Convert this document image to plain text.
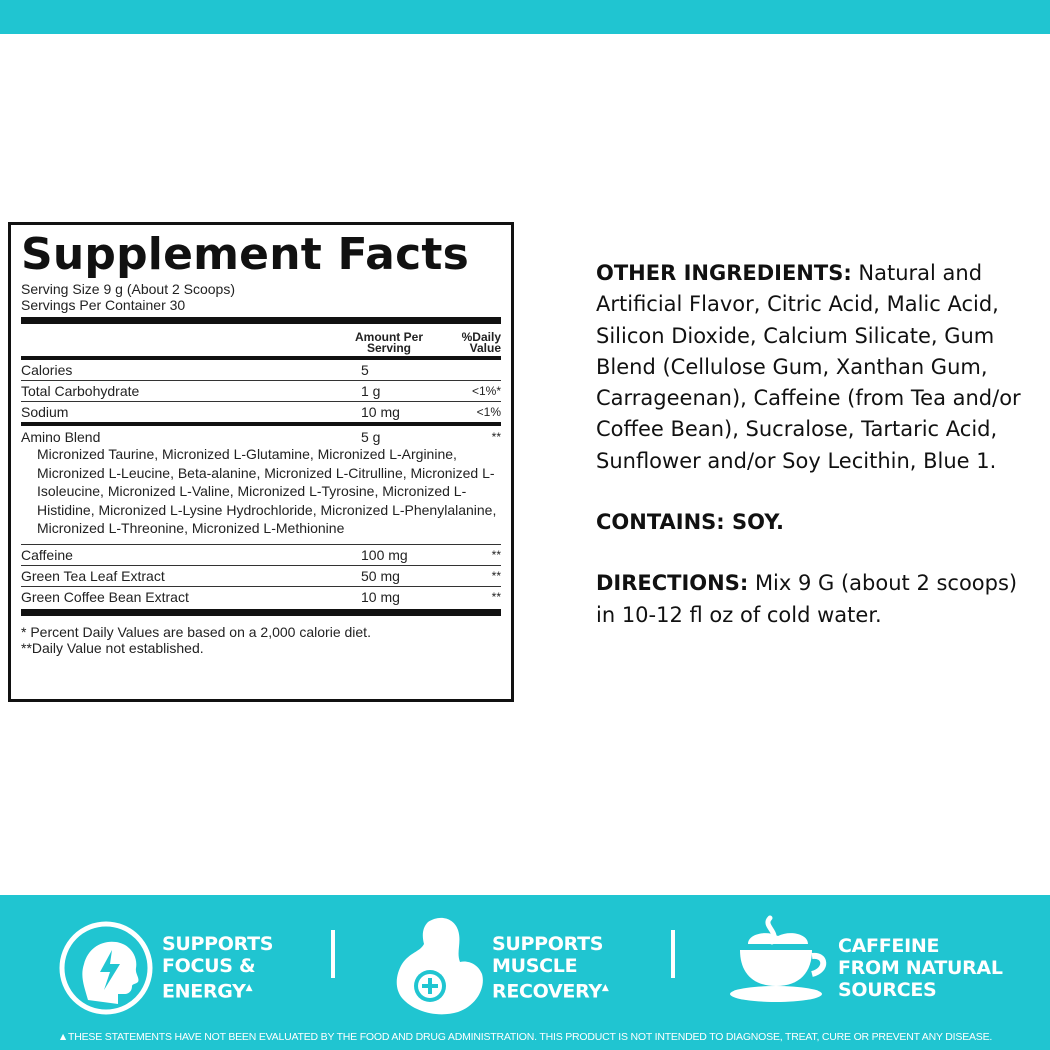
Supplement Facts
Serving Size 9 g (About 2 Scoops)
Servings Per Container 30
Amount Per Serving
%Daily Value
Calories	5
Total Carbohydrate	1 g	<1%*
Sodium	10 mg	<1%
Amino Blend	5 g	**
Micronized Taurine, Micronized L-Glutamine, Micronized L-Arginine, Micronized L-Leucine, Beta-alanine, Micronized L-Citrulline, Micronized L-Isoleucine, Micronized L-Valine, Micronized L-Tyrosine, Micronized L-Histidine, Micronized L-Lysine Hydrochloride, Micronized L-Phenylalanine, Micronized L-Threonine, Micronized L-Methionine
Caffeine	100 mg	**
Green Tea Leaf Extract	50 mg	**
Green Coffee Bean Extract	10 mg	**
* Percent Daily Values are based on a 2,000 calorie diet.
**Daily Value not established.

OTHER INGREDIENTS: Natural and Artificial Flavor, Citric Acid, Malic Acid, Silicon Dioxide, Calcium Silicate, Gum Blend (Cellulose Gum, Xanthan Gum, Carrageenan), Caffeine (from Tea and/or Coffee Bean), Sucralose, Tartaric Acid, Sunflower and/or Soy Lecithin, Blue 1.

CONTAINS: SOY.

DIRECTIONS: Mix 9 G (about 2 scoops) in 10-12 fl oz of cold water.

SUPPORTS
FOCUS &
ENERGY▲
SUPPORTS
MUSCLE
RECOVERY▲
CAFFEINE
FROM NATURAL
SOURCES
▲THESE STATEMENTS HAVE NOT BEEN EVALUATED BY THE FOOD AND DRUG ADMINISTRATION. THIS PRODUCT IS NOT INTENDED TO DIAGNOSE, TREAT, CURE OR PREVENT ANY DISEASE.
